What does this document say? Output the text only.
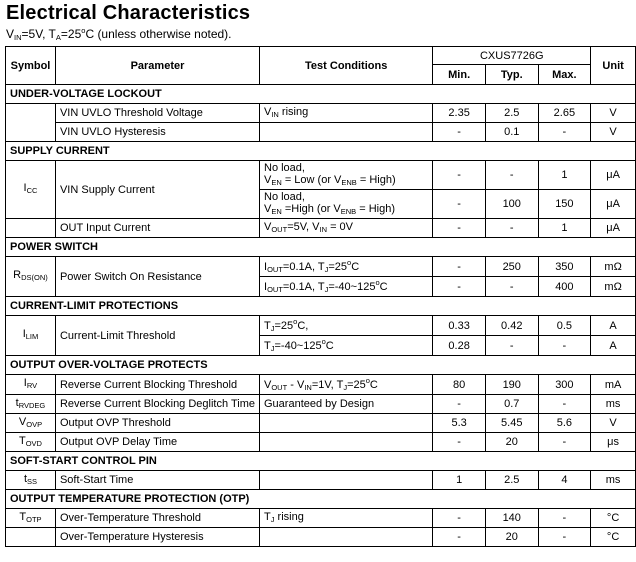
Electrical Characteristics
$V_{IN}=5V$, $T_A=25^oC$ (unless otherwise noted).
Symbol	Parameter	Test Conditions	CXUS7726G			Unit
			Min.	Typ.	Max.	
UNDER-VOLTAGE LOCKOUT						
	VIN UVLO Threshold Voltage	$V_{IN}$ rising	2.35	2.5	2.65	V
	VIN UVLO Hysteresis		-	0.1	-	V
SUPPLY CURRENT						
$I_{CC}$	VIN Supply Current	No load,
$V_{EN}$ = Low (or $V_{ENB}$ = High)	-	-	1	μA

		No load,
$V_{EN}$ =High (or $V_{ENB}$ = High)	-	100	150	μA
	OUT Input Current	$V_{OUT}=5V$, $V_{IN} = 0V$	-	-	1	μA
POWER SWITCH						
$R_{DS(ON)}$	Power Switch On Resistance	$I_{OUT}=0.1A$, $T_J=25^oC$	-	250	350	mΩ
		$I_{OUT}=0.1A$, $T_J=-40\sim 125^oC$	-	-	400	mΩ
CURRENT-LIMIT PROTECTIONS						
$I_{LIM}$	Current-Limit Threshold	$T_J=25^oC$,	0.33	0.42	0.5	A
		$T_J=-40\sim 125^oC$	0.28	-	-	A
OUTPUT OVER-VOLTAGE PROTECTS						
$I_{RV}$	Reverse Current Blocking Threshold	$V_{OUT} - V_{IN}=1V$, $T_J=25^oC$	80	190	300	mA
$t_{RVDEG}$	Reverse Current Blocking Deglitch Time	Guaranteed by Design	-	0.7	-	ms
$V_{OVP}$	Output OVP Threshold		5.3	5.45	5.6	V
$T_{OVD}$	Output OVP Delay Time		-	20	-	μs
SOFT-START CONTROL PIN						
$t_{SS}$	Soft-Start Time		1	2.5	4	ms
OUTPUT TEMPERATURE PROTECTION (OTP)						
$T_{OTP}$	Over-Temperature Threshold	$T_J$ rising	-	140	-	°C
	Over-Temperature Hysteresis		-	20	-	°C
